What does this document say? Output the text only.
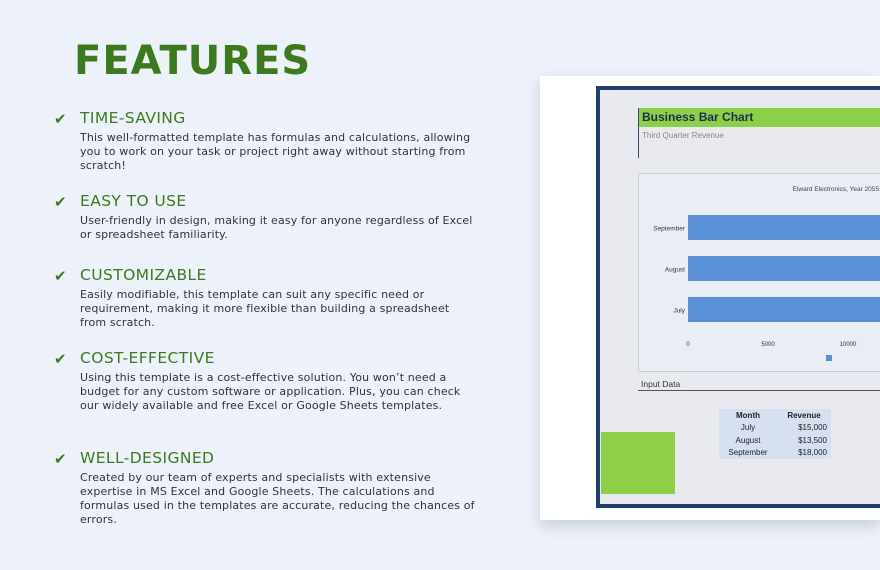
FEATURES
✔ TIME-SAVING
This well-formatted template has formulas and calculations, allowing you to work on your task or project right away without starting from scratch!
✔ EASY TO USE
User-friendly in design, making it easy for anyone regardless of Excel or spreadsheet familiarity.
✔ CUSTOMIZABLE
Easily modifiable, this template can suit any specific need or requirement, making it more flexible than building a spreadsheet from scratch.
✔ COST-EFFECTIVE
Using this template is a cost-effective solution. You won’t need a budget for any custom software or application. Plus, you can check our widely available and free Excel or Google Sheets templates.
✔ WELL-DESIGNED
Created by our team of experts and specialists with extensive expertise in MS Excel and Google Sheets. The calculations and formulas used in the templates are accurate, reducing the chances of errors.
Business Bar Chart
Third Quarter Revenue
Elward Electronics, Year 2055
September
August
July
0	5000	10000
Input Data
Month	Revenue
July	$15,000
August	$13,500
September	$18,000
